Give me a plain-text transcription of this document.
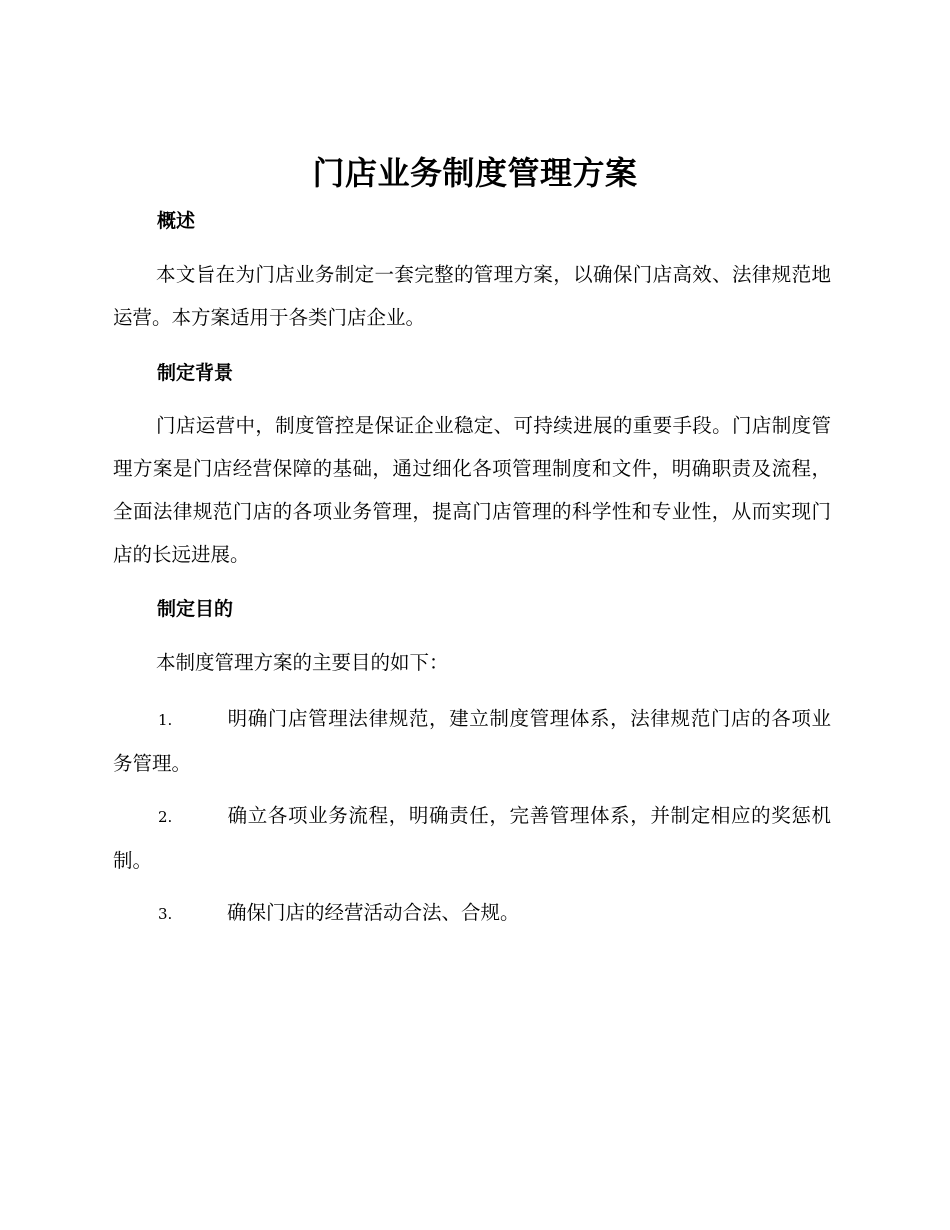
门店业务制度管理方案
概述
本文旨在为门店业务制定一套完整的管理方案，以确保门店高效、法律规范地运营。本方案适用于各类门店企业。
制定背景
门店运营中，制度管控是保证企业稳定、可持续进展的重要手段。门店制度管理方案是门店经营保障的基础，通过细化各项管理制度和文件，明确职责及流程，全面法律规范门店的各项业务管理，提高门店管理的科学性和专业性，从而实现门店的长远进展。
制定目的
本制度管理方案的主要目的如下：
1.	明确门店管理法律规范，建立制度管理体系，法律规范门店的各项业务管理。
2.	确立各项业务流程，明确责任，完善管理体系，并制定相应的奖惩机制。
3.	确保门店的经营活动合法、合规。
